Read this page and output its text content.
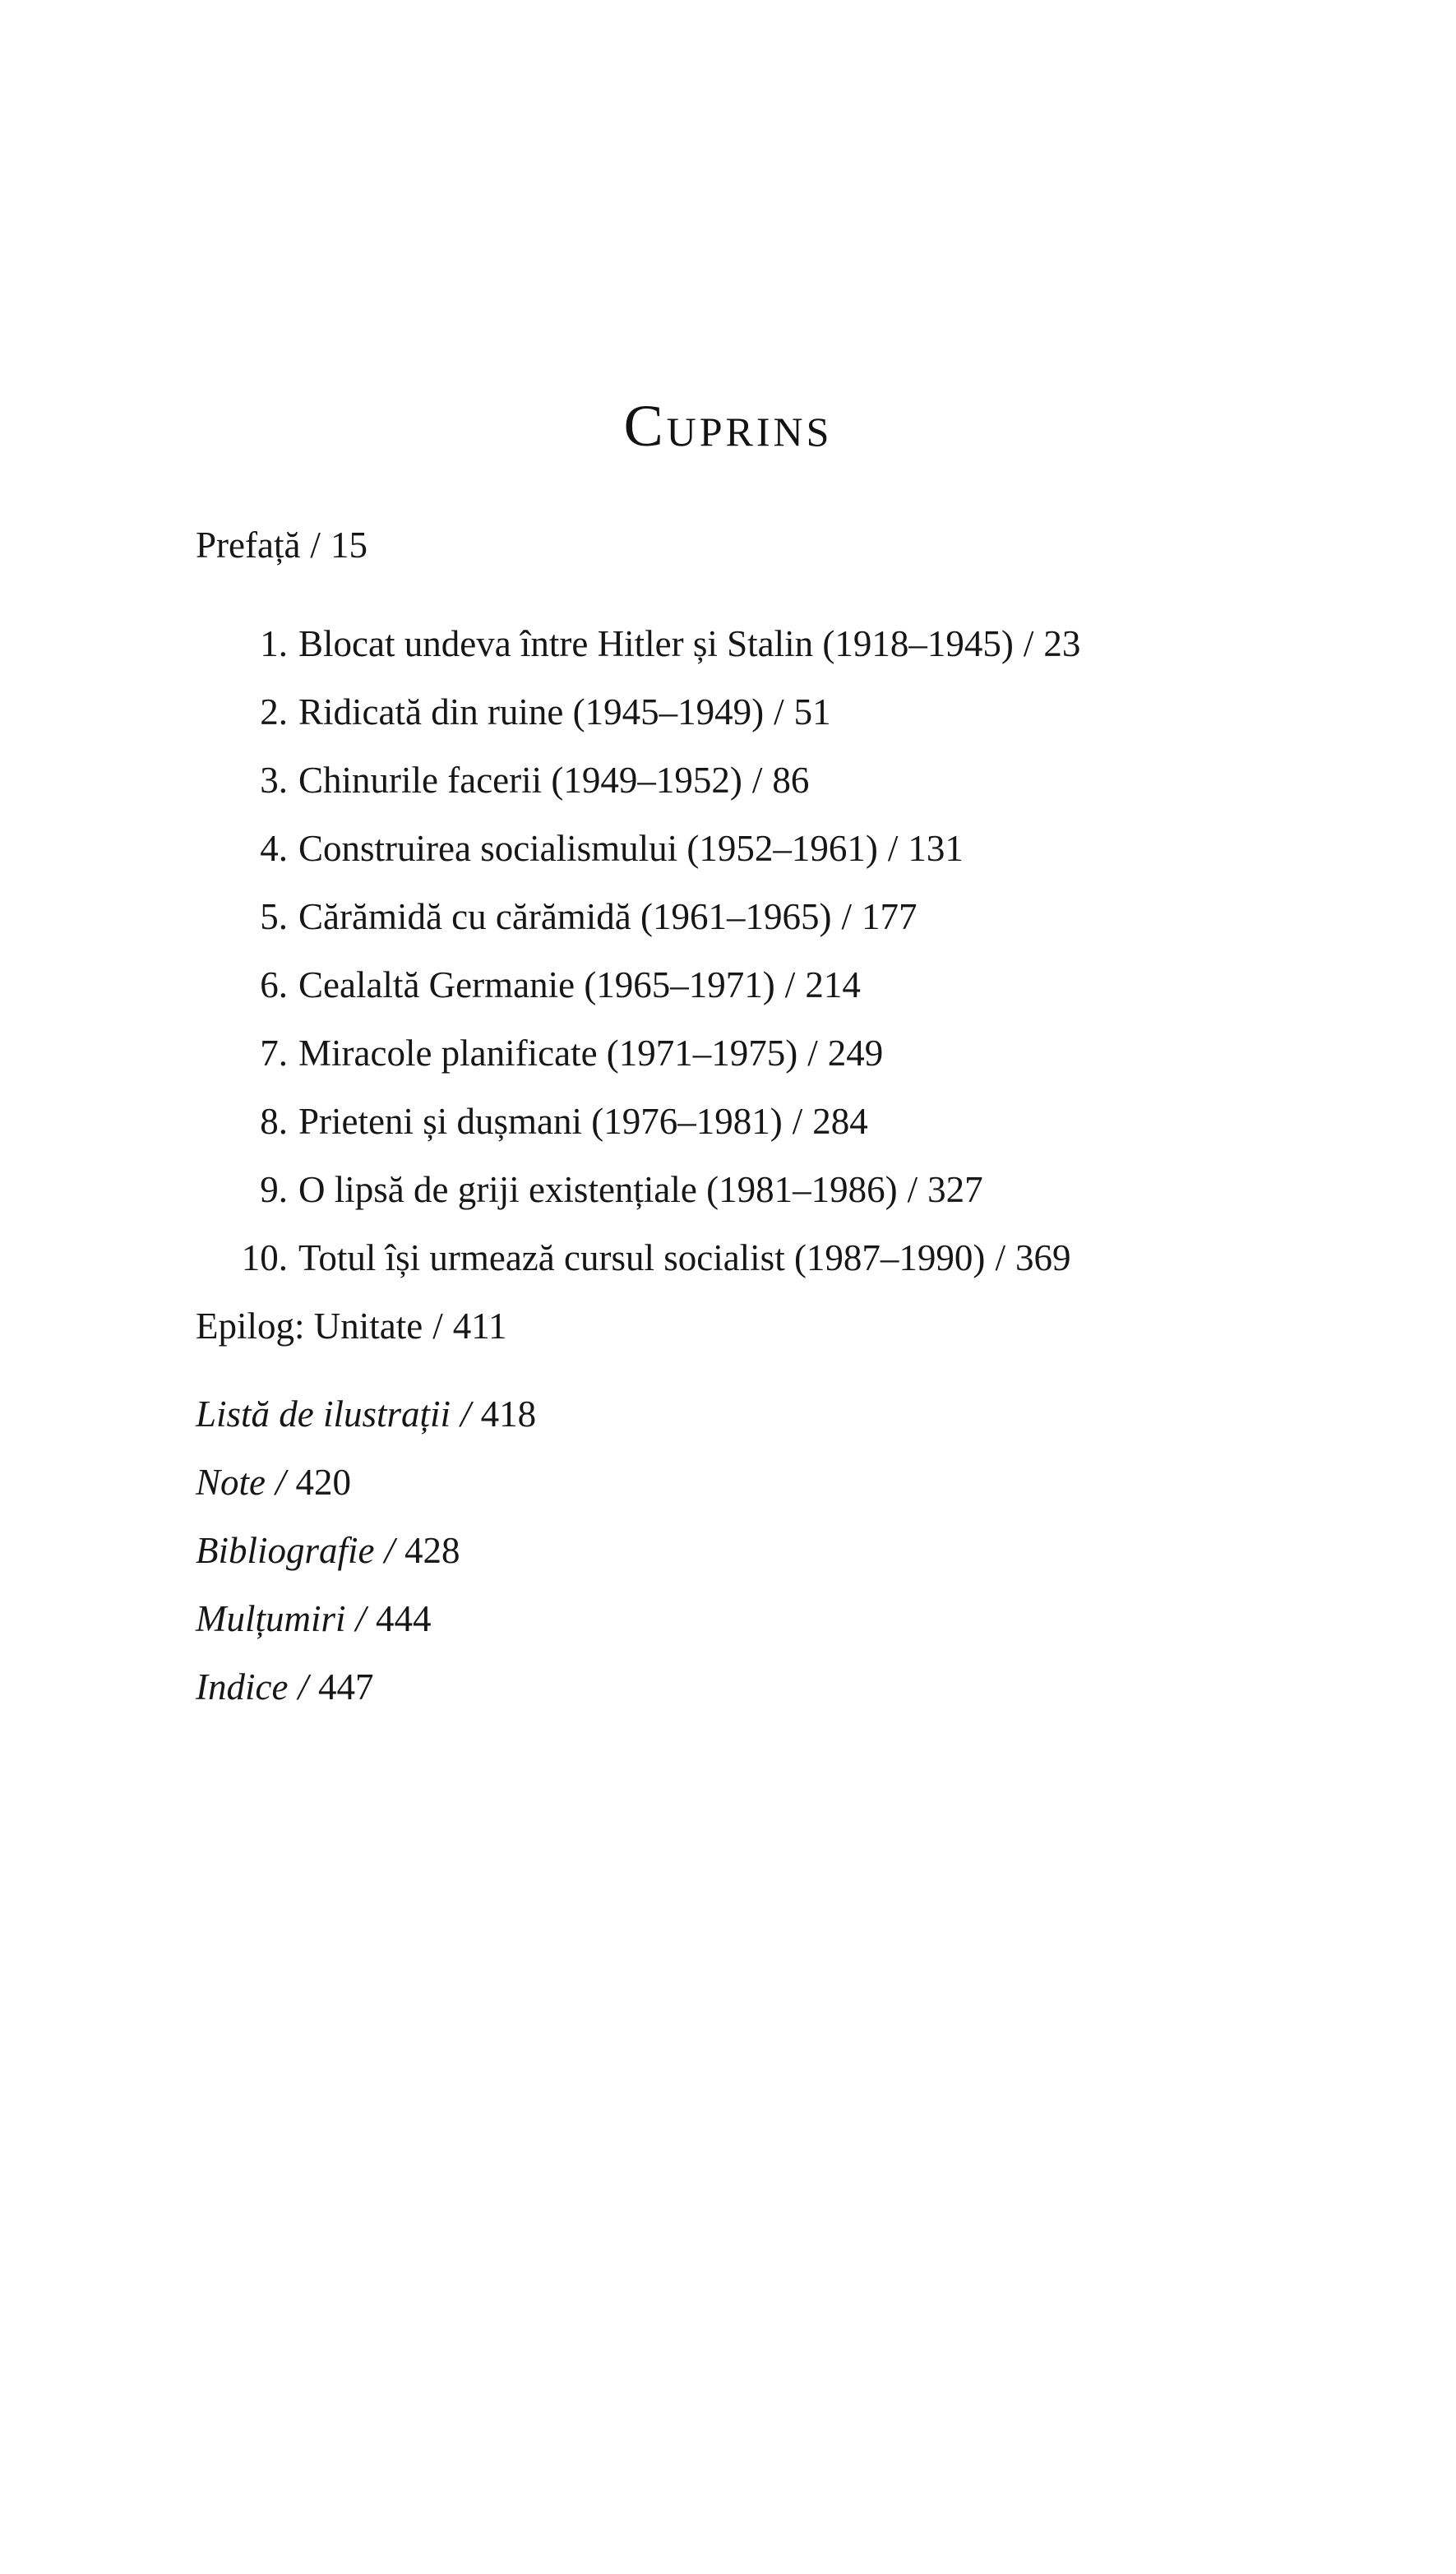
Cuprins
Prefață / 15
1. Blocat undeva între Hitler și Stalin (1918–1945) / 23
2. Ridicată din ruine (1945–1949) / 51
3. Chinurile facerii (1949–1952) / 86
4. Construirea socialismului (1952–1961) / 131
5. Cărămidă cu cărămidă (1961–1965) / 177
6. Cealaltă Germanie (1965–1971) / 214
7. Miracole planificate (1971–1975) / 249
8. Prieteni și dușmani (1976–1981) / 284
9. O lipsă de griji existențiale (1981–1986) / 327
10. Totul își urmează cursul socialist (1987–1990) / 369
Epilog: Unitate / 411
Listă de ilustrații / 418
Note / 420
Bibliografie / 428
Mulțumiri / 444
Indice / 447
